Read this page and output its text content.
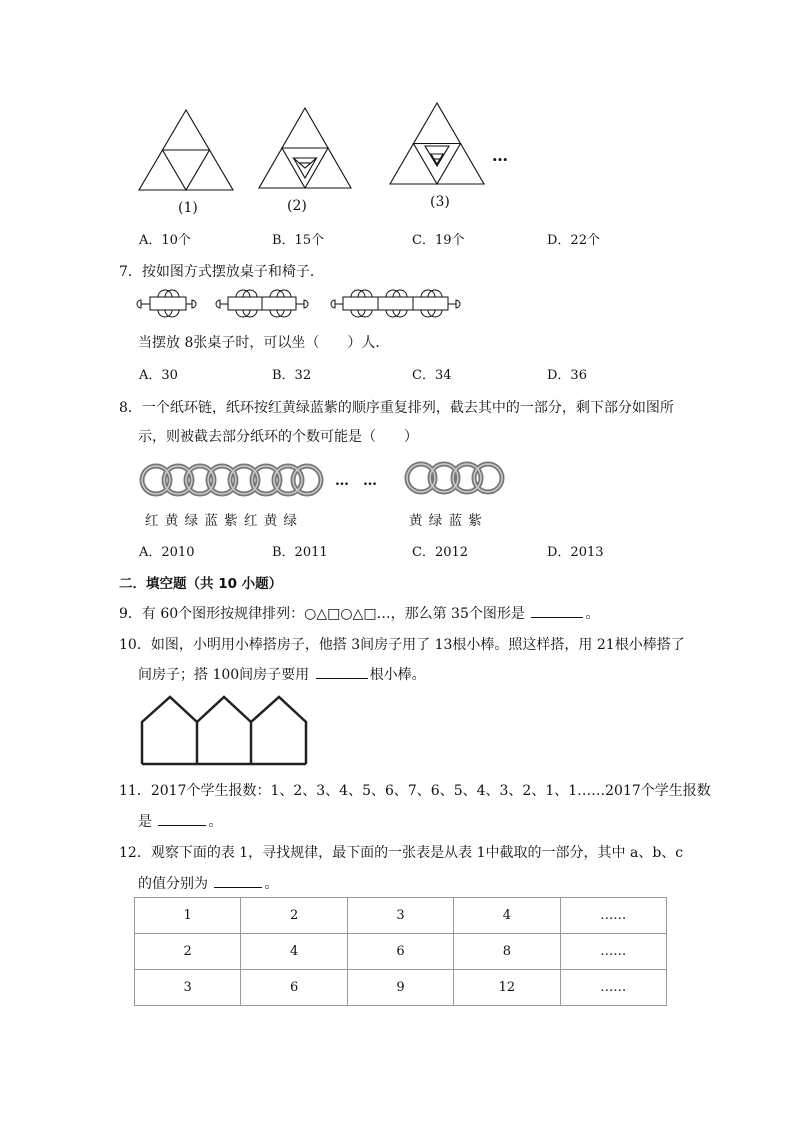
(1)	(2)	(3)
…
A．10个	B．15个	C．19个	D．22个
7．按如图方式摆放桌子和椅子．
当摆放 8张桌子时，可以坐（　　）人．
A．30	B．32	C．34	D．36
8．一个纸环链，纸环按红黄绿蓝紫的顺序重复排列，截去其中的一部分，剩下部分如图所
示，则被截去部分纸环的个数可能是（　　）
…　…
红 黄 绿 蓝 紫 红 黄 绿	黄 绿 蓝 紫
A．2010	B．2011	C．2012	D．2013
二．填空题（共 10 小题）
9．有 60个图形按规律排列：○△□○△□…，那么第 35个图形是	。
10．如图，小明用小棒搭房子，他搭 3间房子用了 13根小棒。照这样搭，用 21根小棒搭了
间房子；搭 100间房子要用	根小棒。
11．2017个学生报数：1、2、3、4、5、6、7、6、5、4、3、2、1、1……2017个学生报数
是	。
12．观察下面的表 1，寻找规律，最下面的一张表是从表 1中截取的一部分，其中 a、b、c
的值分别为	。
1	2	3	4	……
2	4	6	8	……
3	6	9	12	……
